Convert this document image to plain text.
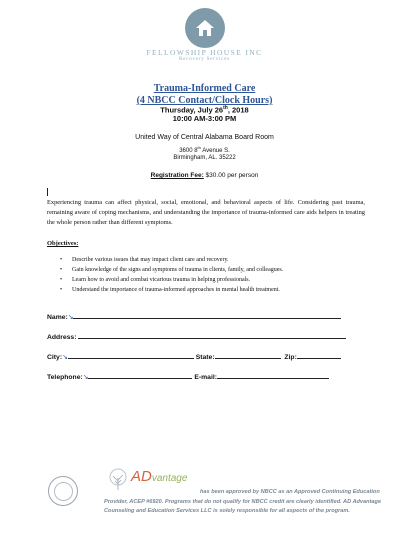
FELLOWSHIP HOUSE INC
Recovery Services
Trauma-Informed Care
(4 NBCC Contact/Clock Hours)
Thursday, July 26th, 2018
10:00 AM-3:00 PM
United Way of Central Alabama Board Room
3600 8th Avenue S.
Birmingham, AL. 35222
Registration Fee: $30.00 per person
Experiencing trauma can affect physical, social, emotional, and behavioral aspects of life. Considering past trauma, remaining aware of coping mechanisms, and understanding the importance of trauma-informed care aids helpers in treating the whole person rather than different symptoms.
Objectives:
• Describe various issues that may impact client care and recovery.
• Gain knowledge of the signs and symptoms of trauma in clients, family, and colleagues.
• Learn how to avoid and combat vicarious trauma in helping professionals.
• Understand the importance of trauma-informed approaches in mental health treatment.
Name:↘
Address:
City:↘	State:	Zip:
Telephone:↘	E-mail:
ADvantage
has been approved by NBCC as an Approved Continuing Education Provider, ACEP #6920. Programs that do not qualify for NBCC credit are clearly identified. AD Advantage Counseling and Education Services LLC is solely responsible for all aspects of the program.
